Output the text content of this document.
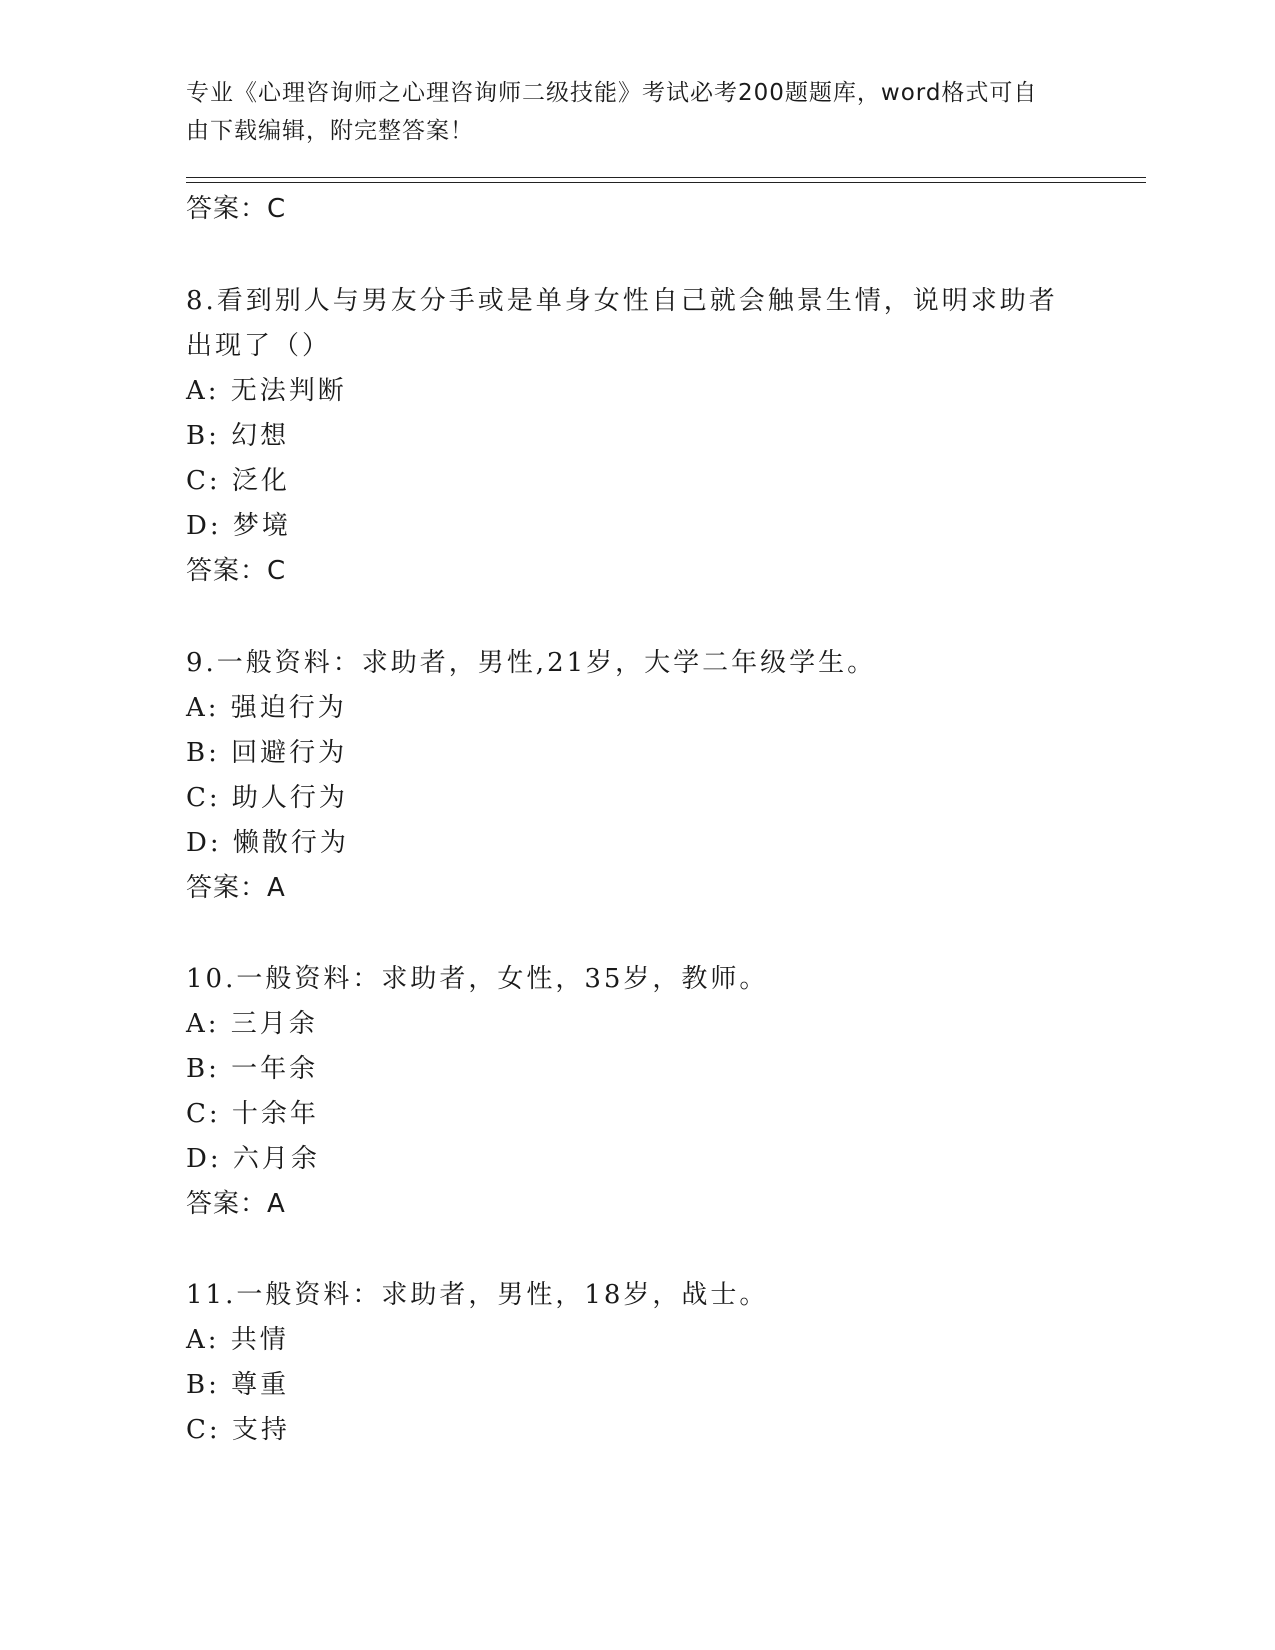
专业《心理咨询师之心理咨询师二级技能》考试必考200题题库，word格式可自
由下载编辑，附完整答案！
答案：C
8.看到别人与男友分手或是单身女性自己就会触景生情，说明求助者
出现了（）
A: 无法判断
B: 幻想
C: 泛化
D: 梦境
答案：C
9.一般资料：求助者，男性,21岁，大学二年级学生。
A: 强迫行为
B: 回避行为
C: 助人行为
D: 懒散行为
答案：A
10.一般资料：求助者，女性，35岁，教师。
A: 三月余
B: 一年余
C: 十余年
D: 六月余
答案：A
11.一般资料：求助者，男性，18岁，战士。
A: 共情
B: 尊重
C: 支持
